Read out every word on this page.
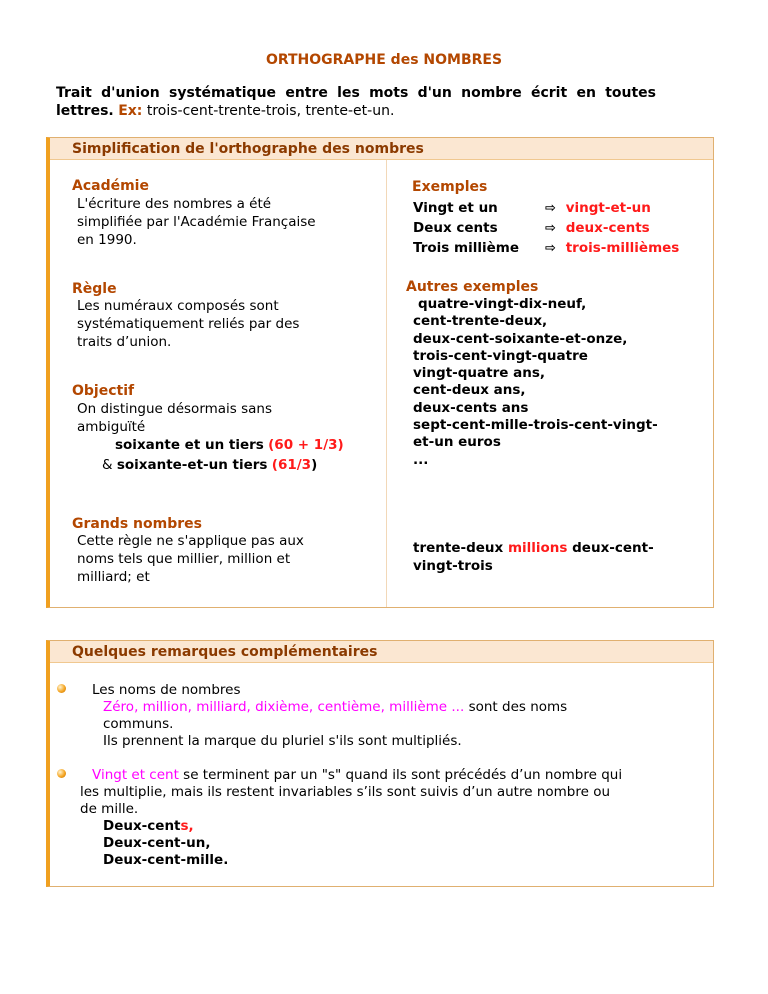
ORTHOGRAPHE des NOMBRES
Trait d'union systématique entre les mots d'un nombre écrit en toutes lettres. Ex: trois-cent-trente-trois, trente-et-un.
Simplification de l'orthographe des nombres
Académie
L'écriture des nombres a été
simplifiée par l'Académie Française
en 1990.
Règle
Les numéraux composés sont
systématiquement reliés par des
traits d’union.
Objectif
On distingue désormais sans
ambiguïté
soixante et un tiers (60 + 1/3)
& soixante-et-un tiers (61/3)
Grands nombres
Cette règle ne s'applique pas aux
noms tels que millier, million et
milliard; et
Exemples
Vingt et un	⇨ vingt-et-un
Deux cents	⇨ deux-cents
Trois millième ⇨ trois-millièmes
Autres exemples
quatre-vingt-dix-neuf,
cent-trente-deux,
deux-cent-soixante-et-onze,
trois-cent-vingt-quatre
vingt-quatre ans,
cent-deux ans,
deux-cents ans
sept-cent-mille-trois-cent-vingt-
et-un euros
...
trente-deux millions deux-cent-
vingt-trois
Quelques remarques complémentaires
Les noms de nombres
Zéro, million, milliard, dixième, centième, millième ... sont des noms
communs.
Ils prennent la marque du pluriel s'ils sont multipliés.
Vingt et cent se terminent par un "s" quand ils sont précédés d’un nombre qui
les multiplie, mais ils restent invariables s’ils sont suivis d’un autre nombre ou
de mille.
Deux-cents,
Deux-cent-un,
Deux-cent-mille.
